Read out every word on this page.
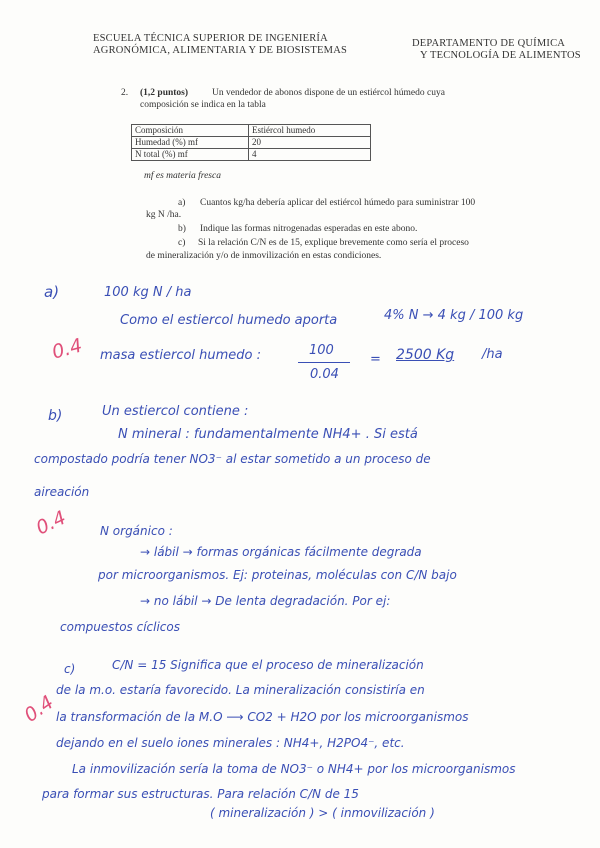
ESCUELA TÉCNICA SUPERIOR DE INGENIERÍA
AGRONÓMICA, ALIMENTARIA Y DE BIOSISTEMAS
DEPARTAMENTO DE QUÍMICA
Y TECNOLOGÍA DE ALIMENTOS
2. (1,2 puntos)	Un vendedor de abonos dispone de un estiércol húmedo cuya
composición se indica en la tabla
Composición	Estiércol humedo
Humedad (%) mf	20
N total (%) mf	4
mf es materia fresca
a) Cuantos kg/ha debería aplicar del estiércol húmedo para suministrar 100
kg N /ha.
b) Indique las formas nitrogenadas esperadas en este abono.
c) Si la relación C/N es de 15, explique brevemente como sería el proceso
de mineralización y/o de inmovilización en estas condiciones.
a)	100 kg N / ha
Como el estiercol humedo aporta	4% N → 4 kg / 100 kg
0.4 masa estiercol humedo :	100
0.04
= 2500 Kg /ha
b)	Un estiercol contiene :
N mineral : fundamentalmente NH4+ . Si está
compostado podría tener NO3⁻ al estar sometido a un proceso de
aireación
0.4	N orgánico :
→ lábil → formas orgánicas fácilmente degrada
por microorganismos. Ej: proteinas, moléculas con C/N bajo
→ no lábil → De lenta degradación. Por ej:
compuestos cíclicos
c)	C/N = 15 Significa que el proceso de mineralización
0.4
de la m.o. estaría favorecido. La mineralización consistiría en
la transformación de la M.O ⟶ CO2 + H2O por los microorganismos
dejando en el suelo iones minerales : NH4+, H2PO4⁻, etc.
La inmovilización sería la toma de NO3⁻ o NH4+ por los microorganismos
para formar sus estructuras. Para relación C/N de 15
( mineralización ) > ( inmovilización )
